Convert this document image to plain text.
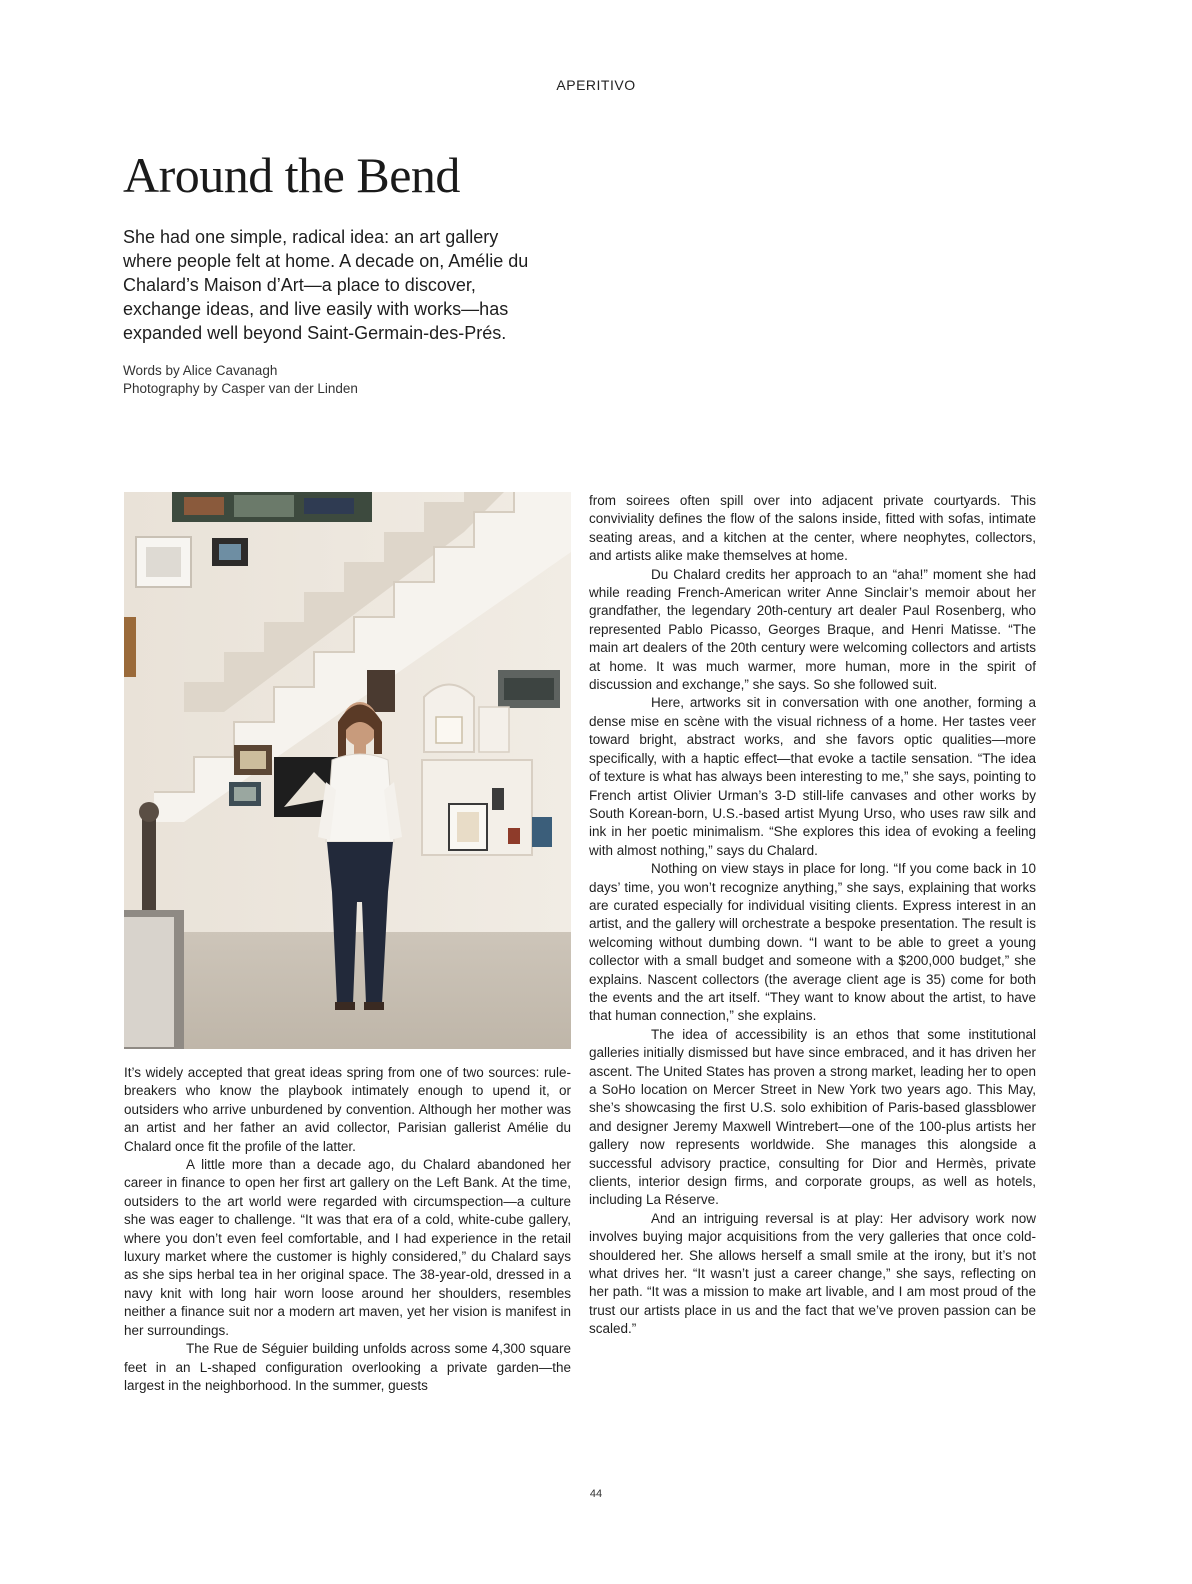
APERITIVO
Around the Bend

She had one simple, radical idea: an art gallery where people felt at home. A decade on, Amélie du Chalard’s Maison d’Art—a place to discover, exchange ideas, and live easily with works—has expanded well beyond Saint-Germain-des-Prés.

Words by Alice Cavanagh
Photography by Casper van der Linden

It’s widely accepted that great ideas spring from one of two sources: rule-breakers who know the playbook intimately enough to upend it, or outsiders who arrive unburdened by convention. Although her mother was an artist and her father an avid collector, Parisian gallerist Amélie du Chalard once fit the profile of the latter.

A little more than a decade ago, du Chalard abandoned her career in finance to open her first art gallery on the Left Bank. At the time, outsiders to the art world were regarded with circumspection—a culture she was eager to challenge. “It was that era of a cold, white-cube gallery, where you don’t even feel comfortable, and I had experience in the retail luxury market where the customer is highly considered,” du Chalard says as she sips herbal tea in her original space. The 38-year-old, dressed in a navy knit with long hair worn loose around her shoulders, resembles neither a finance suit nor a modern art maven, yet her vision is manifest in her surroundings.

The Rue de Séguier building unfolds across some 4,300 square feet in an L-shaped configuration overlooking a private garden—the largest in the neighborhood. In the summer, guests

from soirees often spill over into adjacent private courtyards. This conviviality defines the flow of the salons inside, fitted with sofas, intimate seating areas, and a kitchen at the center, where neophytes, collectors, and artists alike make themselves at home.

Du Chalard credits her approach to an “aha!” moment she had while reading French-American writer Anne Sinclair’s memoir about her grandfather, the legendary 20th-century art dealer Paul Rosenberg, who represented Pablo Picasso, Georges Braque, and Henri Matisse. “The main art dealers of the 20th century were welcoming collectors and artists at home. It was much warmer, more human, more in the spirit of discussion and exchange,” she says. So she followed suit.

Here, artworks sit in conversation with one another, forming a dense mise en scène with the visual richness of a home. Her tastes veer toward bright, abstract works, and she favors optic qualities—more specifically, with a haptic effect—that evoke a tactile sensation. “The idea of texture is what has always been interesting to me,” she says, pointing to French artist Olivier Urman’s 3-D still-life canvases and other works by South Korean-born, U.S.-based artist Myung Urso, who uses raw silk and ink in her poetic minimalism. “She explores this idea of evoking a feeling with almost nothing,” says du Chalard.

Nothing on view stays in place for long. “If you come back in 10 days’ time, you won’t recognize anything,” she says, explaining that works are curated especially for individual visiting clients. Express interest in an artist, and the gallery will orchestrate a bespoke presentation. The result is welcoming without dumbing down. “I want to be able to greet a young collector with a small budget and someone with a $200,000 budget,” she explains. Nascent collectors (the average client age is 35) come for both the events and the art itself. “They want to know about the artist, to have that human connection,” she explains.

The idea of accessibility is an ethos that some institutional galleries initially dismissed but have since embraced, and it has driven her ascent. The United States has proven a strong market, leading her to open a SoHo location on Mercer Street in New York two years ago. This May, she’s showcasing the first U.S. solo exhibition of Paris-based glassblower and designer Jeremy Maxwell Wintrebert—one of the 100-plus artists her gallery now represents worldwide. She manages this alongside a successful advisory practice, consulting for Dior and Hermès, private clients, interior design firms, and corporate groups, as well as hotels, including La Réserve.

And an intriguing reversal is at play: Her advisory work now involves buying major acquisitions from the very galleries that once cold-shouldered her. She allows herself a small smile at the irony, but it’s not what drives her. “It wasn’t just a career change,” she says, reflecting on her path. “It was a mission to make art livable, and I am most proud of the trust our artists place in us and the fact that we’ve proven passion can be scaled.”

44
